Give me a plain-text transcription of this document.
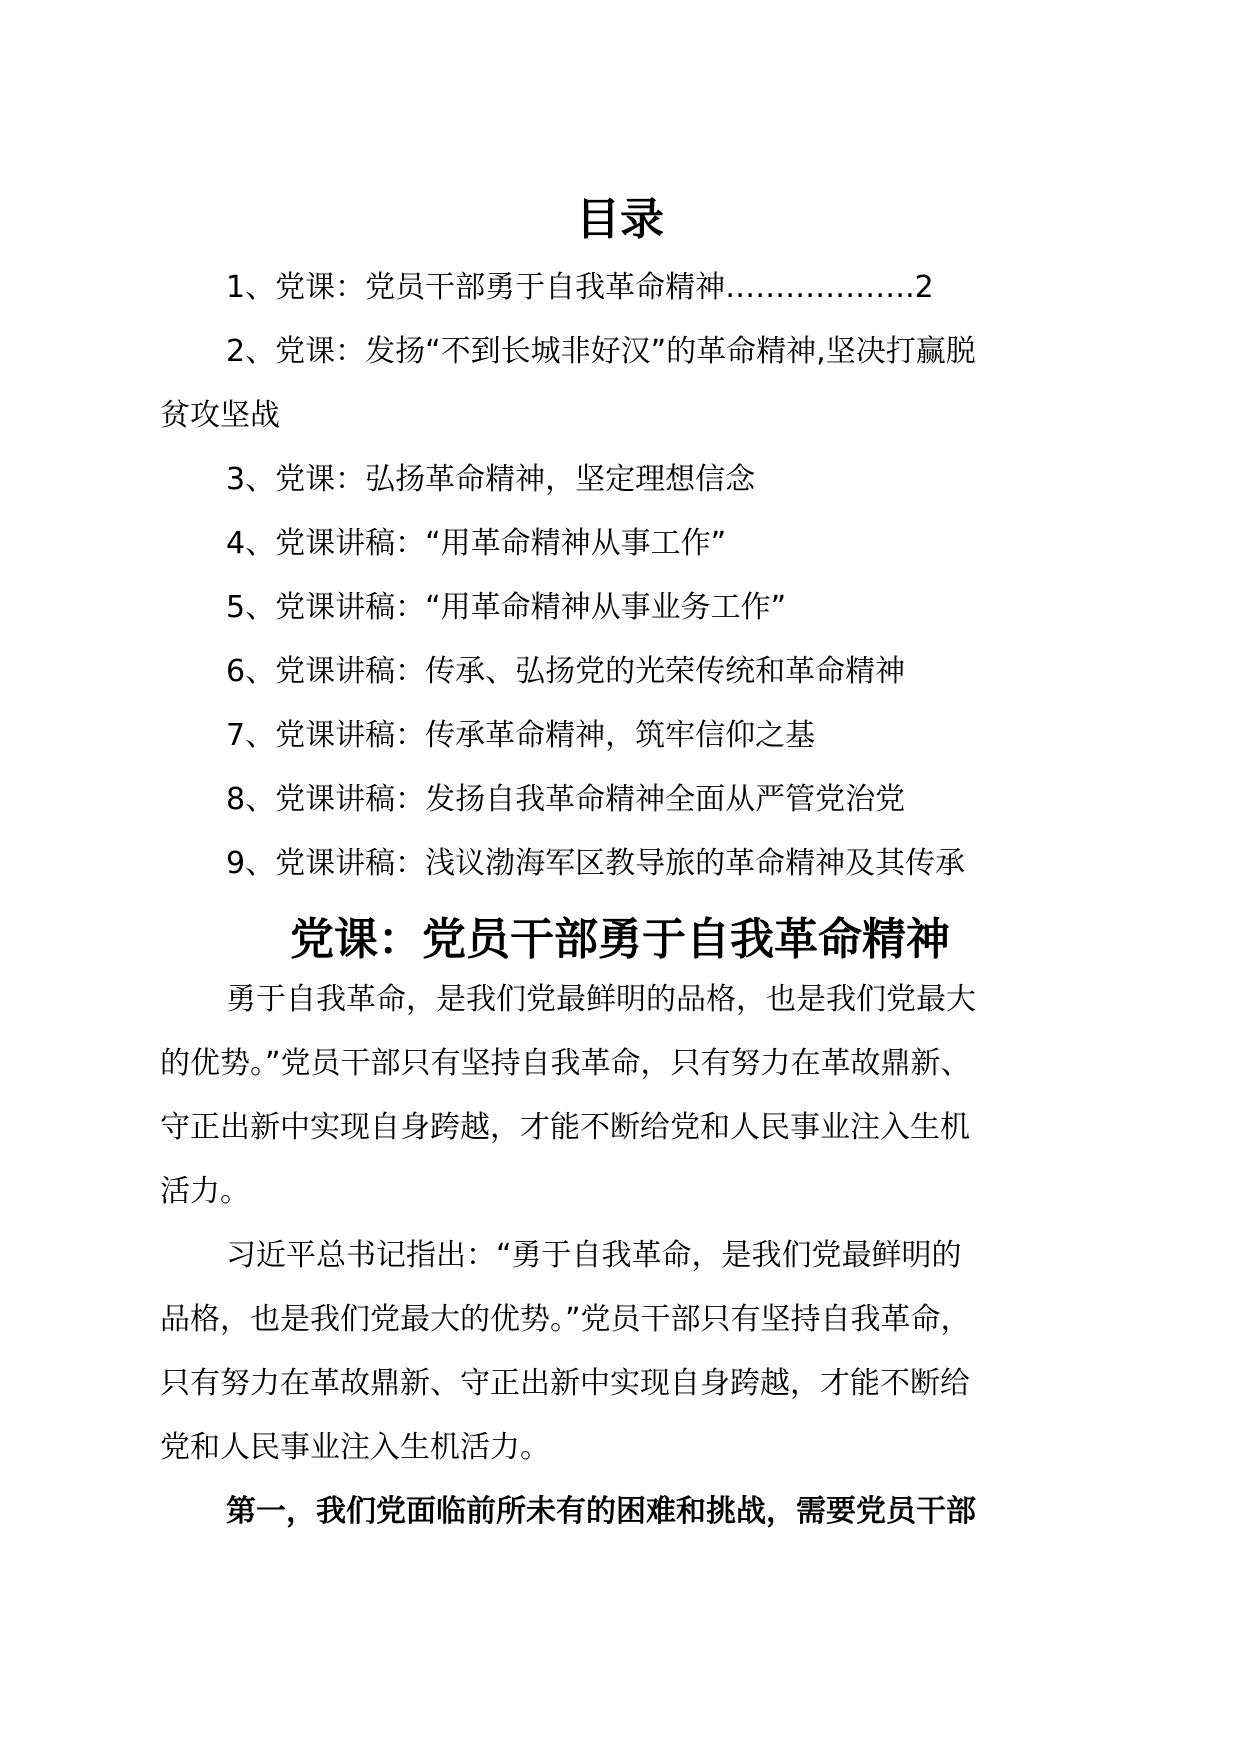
目录
1、党课：党员干部勇于自我革命精神……………….2
2、党课：发扬“不到长城非好汉”的革命精神,坚决打赢脱
贫攻坚战
3、党课：弘扬革命精神，坚定理想信念
4、党课讲稿：“用革命精神从事工作”
5、党课讲稿：“用革命精神从事业务工作”
6、党课讲稿：传承、弘扬党的光荣传统和革命精神
7、党课讲稿：传承革命精神，筑牢信仰之基
8、党课讲稿：发扬自我革命精神全面从严管党治党
9、党课讲稿：浅议渤海军区教导旅的革命精神及其传承
党课：党员干部勇于自我革命精神
勇于自我革命，是我们党最鲜明的品格，也是我们党最大
的优势。”党员干部只有坚持自我革命，只有努力在革故鼎新、
守正出新中实现自身跨越，才能不断给党和人民事业注入生机
活力。
习近平总书记指出：“勇于自我革命，是我们党最鲜明的
品格，也是我们党最大的优势。”党员干部只有坚持自我革命，
只有努力在革故鼎新、守正出新中实现自身跨越，才能不断给
党和人民事业注入生机活力。
第一，我们党面临前所未有的困难和挑战，需要党员干部
